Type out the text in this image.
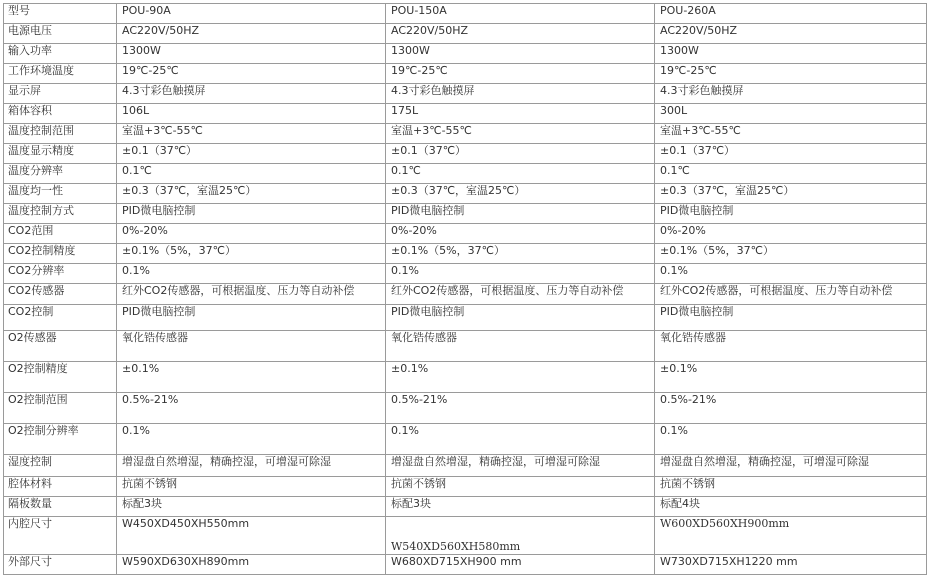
型号	POU-90A	POU-150A	POU-260A
电源电压	AC220V/50HZ	AC220V/50HZ	AC220V/50HZ
输入功率	1300W	1300W	1300W
工作环境温度	19℃-25℃	19℃-25℃	19℃-25℃
显示屏	4.3寸彩色触摸屏	4.3寸彩色触摸屏	4.3寸彩色触摸屏
箱体容积	106L	175L	300L
温度控制范围	室温+3℃-55℃	室温+3℃-55℃	室温+3℃-55℃
温度显示精度	±0.1（37℃）	±0.1（37℃）	±0.1（37℃）
温度分辨率	0.1℃	0.1℃	0.1℃
温度均一性	±0.3（37℃，室温25℃）	±0.3（37℃，室温25℃）	±0.3（37℃，室温25℃）
温度控制方式	PID微电脑控制	PID微电脑控制	PID微电脑控制
CO2范围	0%-20%	0%-20%	0%-20%
CO2控制精度	±0.1%（5%，37℃）	±0.1%（5%，37℃）	±0.1%（5%，37℃）
CO2分辨率	0.1%	0.1%	0.1%
CO2传感器	红外CO2传感器，可根据温度、压力等自动补偿	红外CO2传感器，可根据温度、压力等自动补偿	红外CO2传感器，可根据温度、压力等自动补偿
CO2控制	PID微电脑控制	PID微电脑控制	PID微电脑控制
O2传感器	氧化锆传感器	氧化锆传感器	氧化锆传感器
O2控制精度	±0.1%	±0.1%	±0.1%
O2控制范围	0.5%-21%	0.5%-21%	0.5%-21%
O2控制分辨率	0.1%	0.1%	0.1%
湿度控制	增湿盘自然增湿，精确控湿，可增湿可除湿	增湿盘自然增湿，精确控湿，可增湿可除湿	增湿盘自然增湿，精确控湿，可增湿可除湿
腔体材料	抗菌不锈钢	抗菌不锈钢	抗菌不锈钢
隔板数量	标配3块	标配3块	标配4块
内腔尺寸	W450XD450XH550mm	W540XD560XH580mm	W600XD560XH900mm
外部尺寸	W590XD630XH890mm	W680XD715XH900 mm	W730XD715XH1220 mm
